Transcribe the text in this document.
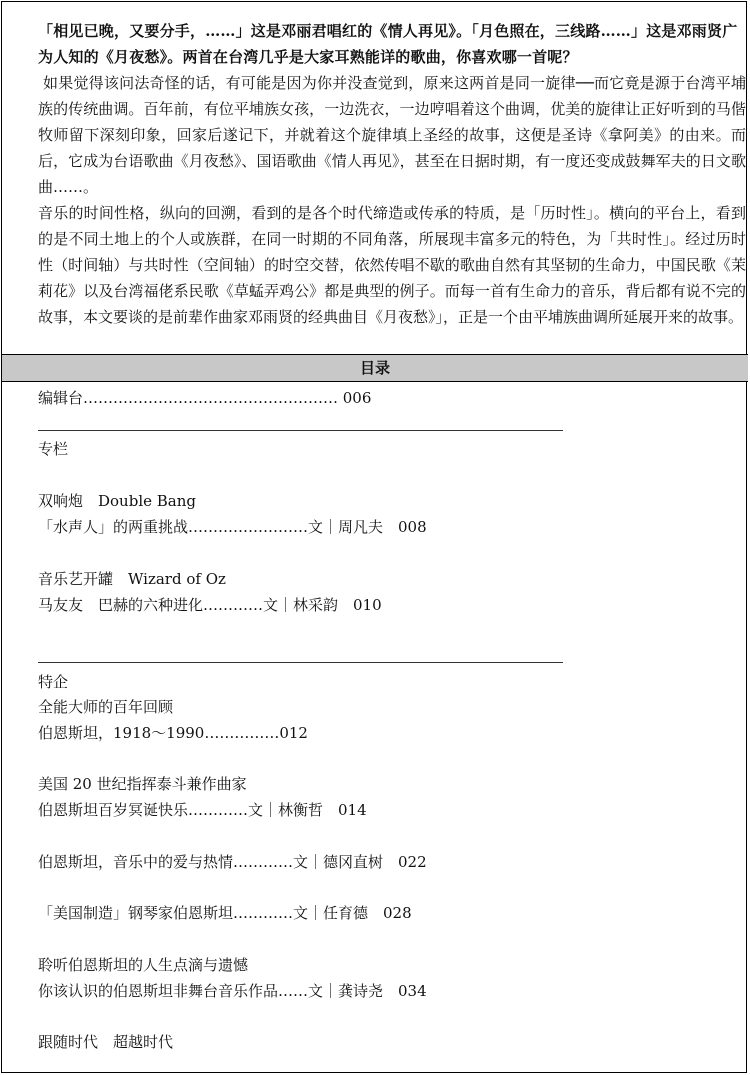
「相见已晚，又要分手，……」这是邓丽君唱红的《情人再见》。「月色照在，三线路……」这是邓雨贤广为人知的《月夜愁》。两首在台湾几乎是大家耳熟能详的歌曲，你喜欢哪一首呢？
如果觉得该问法奇怪的话，有可能是因为你并没查觉到，原来这两首是同一旋律──而它竟是源于台湾平埔族的传统曲调。百年前，有位平埔族女孩，一边洗衣，一边哼唱着这个曲调，优美的旋律让正好听到的马偕牧师留下深刻印象，回家后遂记下，并就着这个旋律填上圣经的故事，这便是圣诗《拿阿美》的由来。而后，它成为台语歌曲《月夜愁》、国语歌曲《情人再见》，甚至在日据时期，有一度还变成鼓舞军夫的日文歌曲……。
音乐的时间性格，纵向的回溯，看到的是各个时代缔造或传承的特质，是「历时性」。横向的平台上，看到的是不同土地上的个人或族群，在同一时期的不同角落，所展现丰富多元的特色，为「共时性」。经过历时性（时间轴）与共时性（空间轴）的时空交替，依然传唱不歇的歌曲自然有其坚韧的生命力，中国民歌《茉莉花》以及台湾福佬系民歌《草蜢弄鸡公》都是典型的例子。而每一首有生命力的音乐，背后都有说不完的故事，本文要谈的是前辈作曲家邓雨贤的经典曲目《月夜愁》」，正是一个由平埔族曲调所延展开来的故事。
目录
编辑台…………………………………………… 006
专栏
双响炮　Double Bang
「水声人」的两重挑战……………………文｜周凡夫　008
音乐艺开罐　Wizard of Oz
马友友　巴赫的六种进化…………文｜林采韵　010
特企
全能大师的百年回顾
伯恩斯坦，1918～1990……………012
美国 20 世纪指挥泰斗兼作曲家
伯恩斯坦百岁冥诞快乐…………文｜林衡哲　014
伯恩斯坦，音乐中的爱与热情…………文｜德冈直树　022
「美国制造」钢琴家伯恩斯坦…………文｜任育德　028
聆听伯恩斯坦的人生点滴与遗憾
你该认识的伯恩斯坦非舞台音乐作品……文｜龚诗尧　034
跟随时代　超越时代
